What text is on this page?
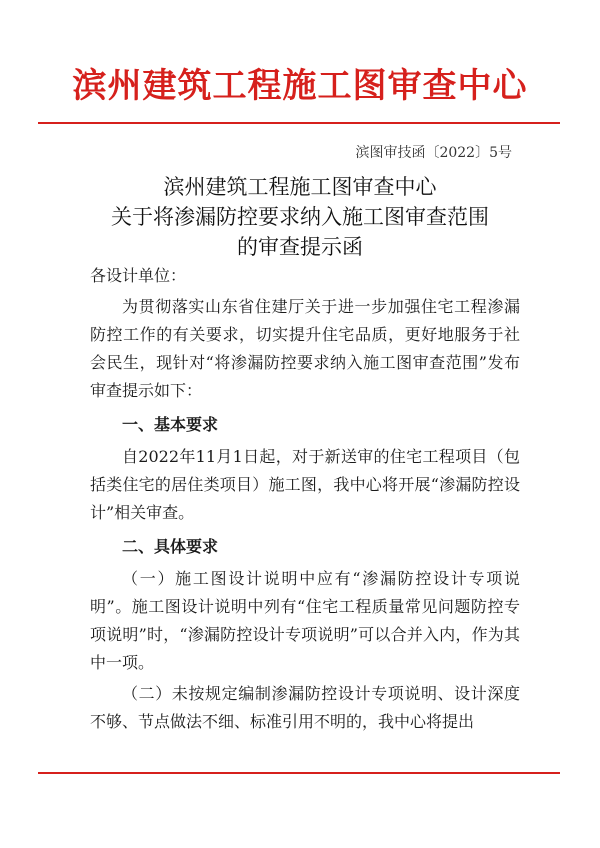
滨州建筑工程施工图审查中心
滨图审技函〔2022〕5号
滨州建筑工程施工图审查中心
关于将渗漏防控要求纳入施工图审查范围
的审查提示函

各设计单位：

为贯彻落实山东省住建厅关于进一步加强住宅工程渗漏防控工作的有关要求，切实提升住宅品质，更好地服务于社会民生，现针对“将渗漏防控要求纳入施工图审查范围”发布审查提示如下：

一、基本要求

自2022年11月1日起，对于新送审的住宅工程项目（包括类住宅的居住类项目）施工图，我中心将开展“渗漏防控设计”相关审查。

二、具体要求

（一）施工图设计说明中应有“渗漏防控设计专项说明”。施工图设计说明中列有“住宅工程质量常见问题防控专项说明”时，“渗漏防控设计专项说明”可以合并入内，作为其中一项。

（二）未按规定编制渗漏防控设计专项说明、设计深度不够、节点做法不细、标准引用不明的，我中心将提出
